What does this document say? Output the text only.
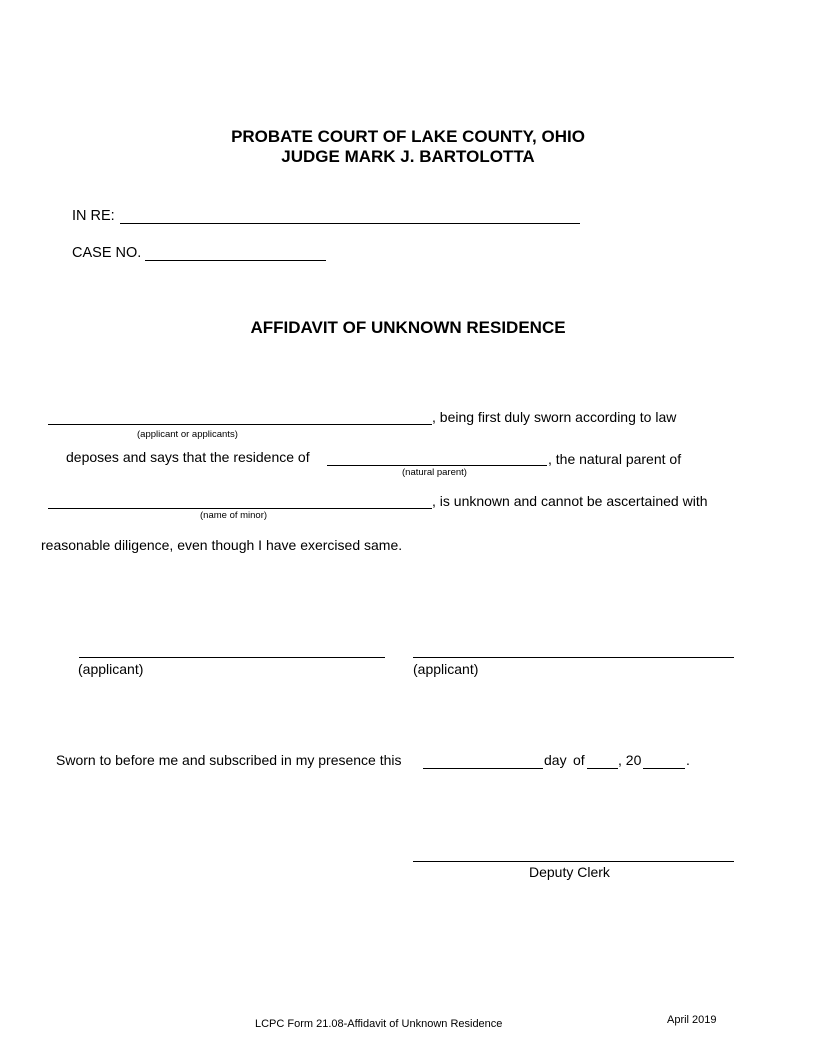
PROBATE COURT OF LAKE COUNTY, OHIO
JUDGE MARK J. BARTOLOTTA
IN RE:
CASE NO.
AFFIDAVIT OF UNKNOWN RESIDENCE
, being first duly sworn according to law
(applicant or applicants)
deposes and says that the residence of	, the natural parent of
(natural parent)
, is unknown and cannot be ascertained with
(name of minor)
reasonable diligence, even though I have exercised same.
(applicant)	(applicant)
Sworn to before me and subscribed in my presence this	day of , 20	.
Deputy Clerk
LCPC Form 21.08-Affidavit of Unknown Residence	April 2019
